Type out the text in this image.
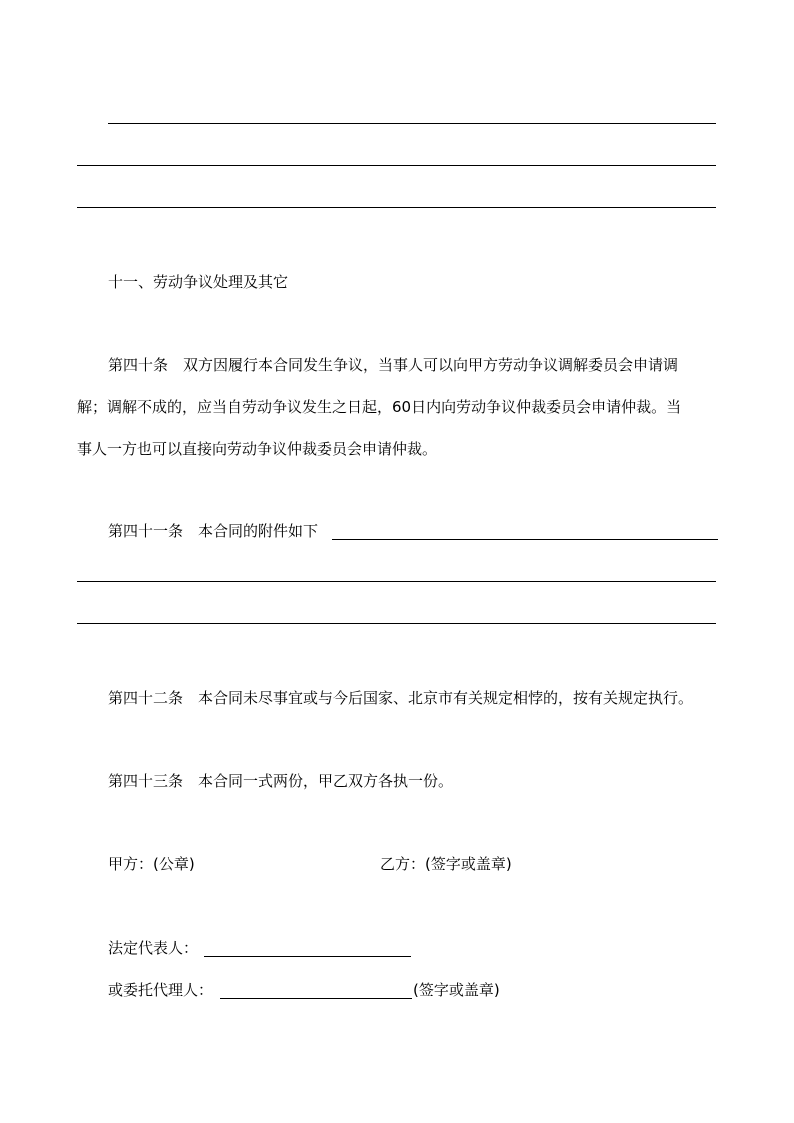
十一、劳动争议处理及其它
第四十条　双方因履行本合同发生争议，当事人可以向甲方劳动争议调解委员会申请调
解；调解不成的，应当自劳动争议发生之日起，60日内向劳动争议仲裁委员会申请仲裁。当
事人一方也可以直接向劳动争议仲裁委员会申请仲裁。
第四十一条　本合同的附件如下
第四十二条　本合同未尽事宜或与今后国家、北京市有关规定相悖的，按有关规定执行。
第四十三条　本合同一式两份，甲乙双方各执一份。
甲方：(公章)	乙方：(签字或盖章)
法定代表人：
或委托代理人：	(签字或盖章)
